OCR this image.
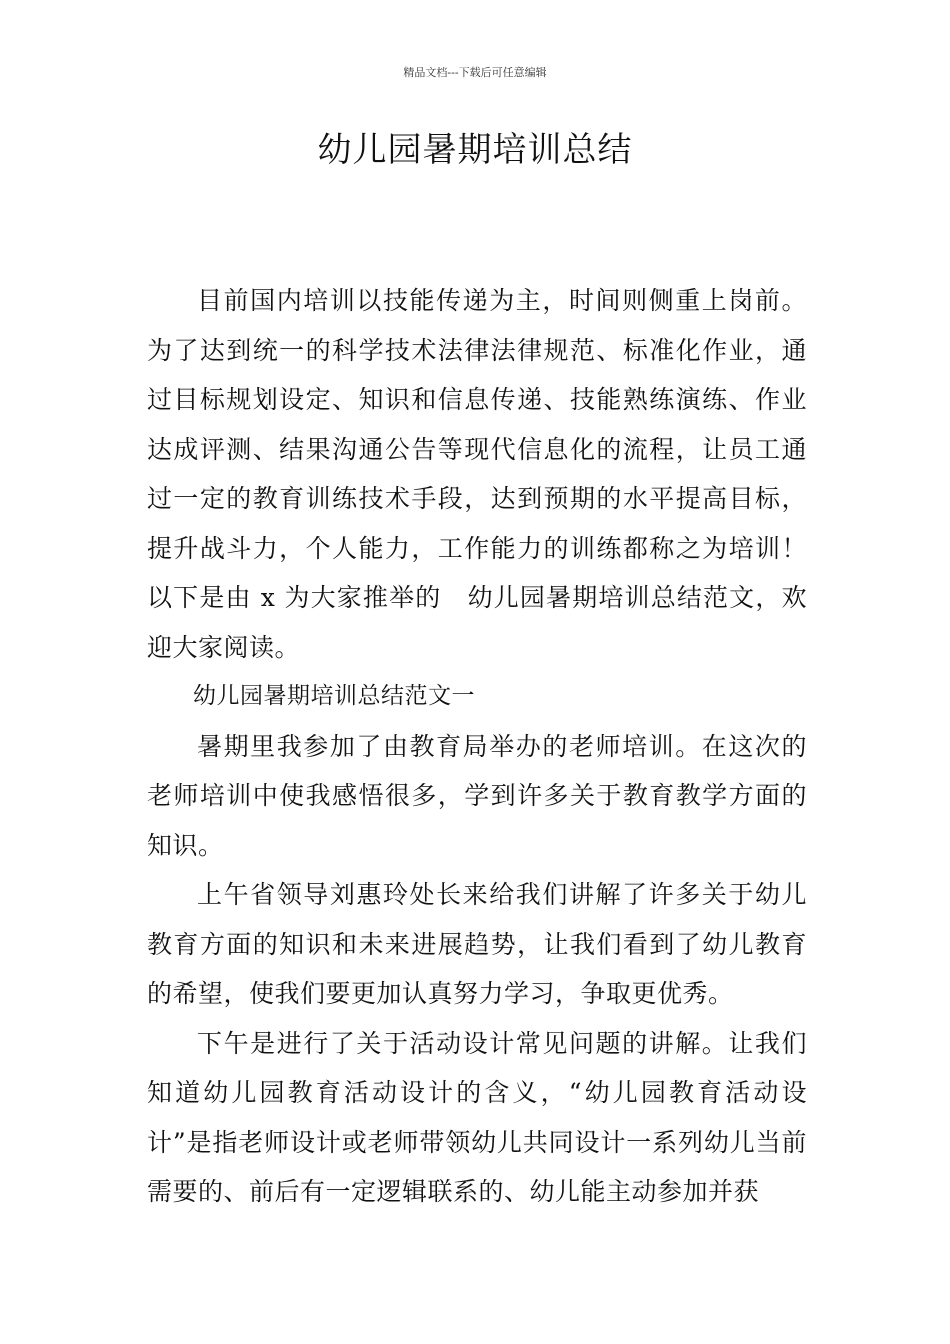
精品文档---下载后可任意编辑
幼儿园暑期培训总结

目前国内培训以技能传递为主，时间则侧重上岗前。为了达到统一的科学技术法律法律规范、标准化作业，通过目标规划设定、知识和信息传递、技能熟练演练、作业达成评测、结果沟通公告等现代信息化的流程，让员工通过一定的教育训练技术手段，达到预期的水平提高目标，提升战斗力，个人能力，工作能力的训练都称之为培训！以下是由 x 为大家推举的　幼儿园暑期培训总结范文，欢迎大家阅读。

幼儿园暑期培训总结范文一

暑期里我参加了由教育局举办的老师培训。在这次的老师培训中使我感悟很多，学到许多关于教育教学方面的知识。

上午省领导刘惠玲处长来给我们讲解了许多关于幼儿教育方面的知识和未来进展趋势，让我们看到了幼儿教育的希望，使我们要更加认真努力学习，争取更优秀。

下午是进行了关于活动设计常见问题的讲解。让我们知道幼儿园教育活动设计的含义，“幼儿园教育活动设计”是指老师设计或老师带领幼儿共同设计一系列幼儿当前需要的、前后有一定逻辑联系的、幼儿能主动参加并获
